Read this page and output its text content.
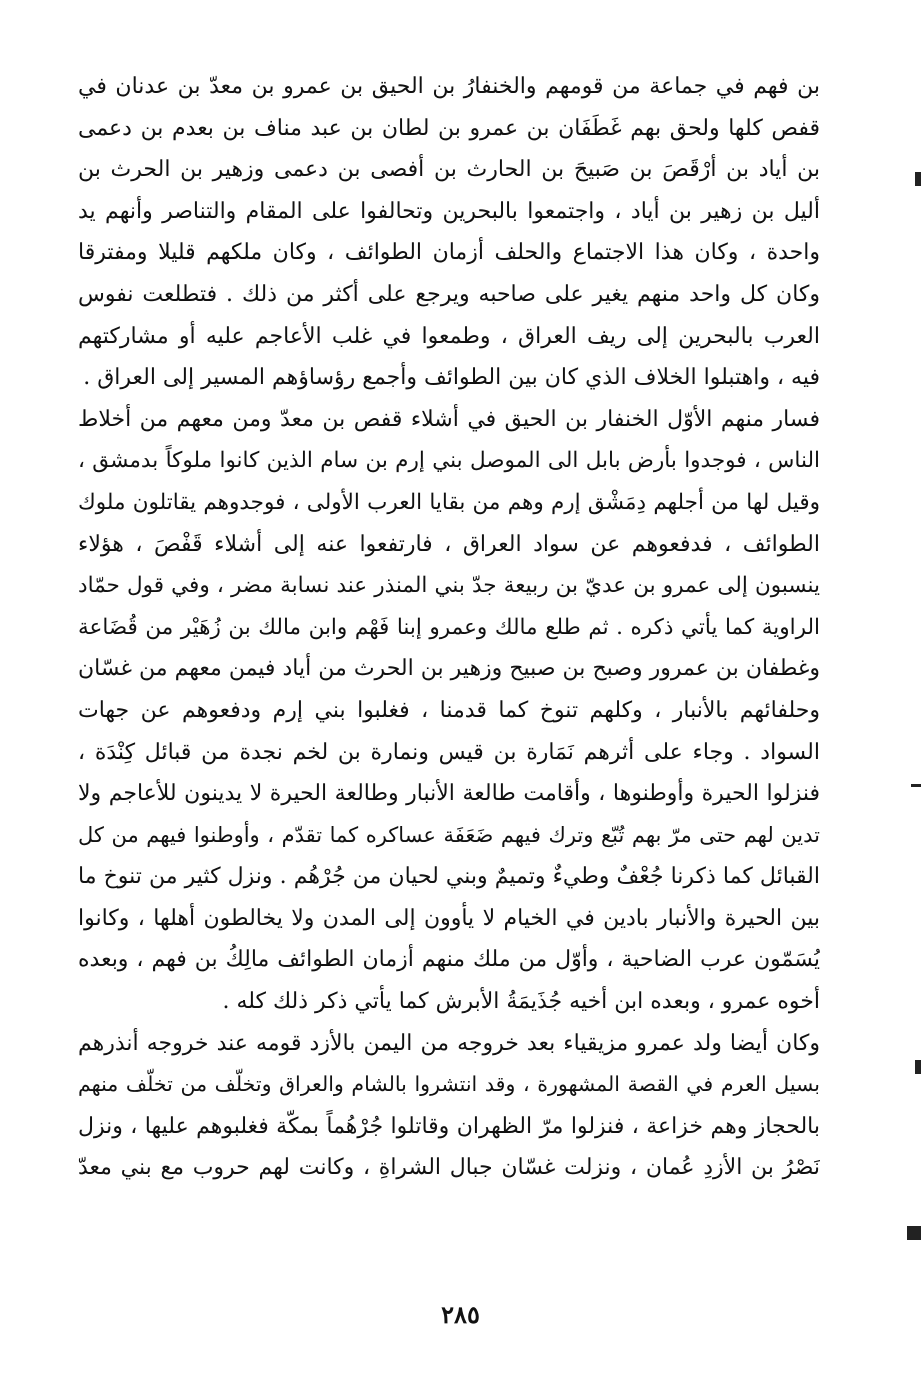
بن فهم في جماعة من قومهم والخنفارُ بن الحيق بن عمرو بن معدّ بن عدنان في
قفص كلها ولحق بهم غَطَفَان بن عمرو بن لطان بن عبد مناف بن بعدم بن دعمى
بن أياد بن أرْقَصَ بن صَبيحَ بن الحارث بن أفصى بن دعمى وزهير بن الحرث بن
أليل بن زهير بن أياد ، واجتمعوا بالبحرين وتحالفوا على المقام والتناصر وأنهم يد
واحدة ، وكان هذا الاجتماع والحلف أزمان الطوائف ، وكان ملكهم قليلا ومفترقا
وكان كل واحد منهم يغير على صاحبه ويرجع على أكثر من ذلك . فتطلعت نفوس
العرب بالبحرين إلى ريف العراق ، وطمعوا في غلب الأعاجم عليه أو مشاركتهم
فيه ، واهتبلوا الخلاف الذي كان بين الطوائف وأجمع رؤساؤهم المسير إلى العراق .
فسار منهم الأوّل الخنفار بن الحيق في أشلاء قفص بن معدّ ومن معهم من أخلاط
الناس ، فوجدوا بأرض بابل الى الموصل بني إرم بن سام الذين كانوا ملوكاً بدمشق ،
وقيل لها من أجلهم دِمَشْق إرم وهم من بقايا العرب الأولى ، فوجدوهم يقاتلون ملوك
الطوائف ، فدفعوهم عن سواد العراق ، فارتفعوا عنه إلى أشلاء قَفْصَ ، هؤلاء
ينسبون إلى عمرو بن عديّ بن ربيعة جدّ بني المنذر عند نسابة مضر ، وفي قول حمّاد
الراوية كما يأتي ذكره . ثم طلع مالك وعمرو إبنا فَهْم وابن مالك بن زُهَيْر من قُضَاعة
وغطفان بن عمرور وصبح بن صبيح وزهير بن الحرث من أياد فيمن معهم من غسّان
وحلفائهم بالأنبار ، وكلهم تنوخ كما قدمنا ، فغلبوا بني إرم ودفعوهم عن جهات
السواد . وجاء على أثرهم نَمَارة بن قيس ونمارة بن لخم نجدة من قبائل كِنْدَة ،
فنزلوا الحيرة وأوطنوها ، وأقامت طالعة الأنبار وطالعة الحيرة لا يدينون للأعاجم ولا
تدين لهم حتى مرّ بهم تُبّع وترك فيهم ضَعَفَة عساكره كما تقدّم ، وأوطنوا فيهم من كل
القبائل كما ذكرنا جُعْفٌ وطيءٌ وتميمٌ وبني لحيان من جُرْهُم . ونزل كثير من تنوخ ما
بين الحيرة والأنبار بادين في الخيام لا يأوون إلى المدن ولا يخالطون أهلها ، وكانوا
يُسَمّون عرب الضاحية ، وأوّل من ملك منهم أزمان الطوائف مالِكُ بن فهم ، وبعده
أخوه عمرو ، وبعده ابن أخيه جُذَيمَةُ الأبرش كما يأتي ذكر ذلك كله .
وكان أيضا ولد عمرو مزيقياء بعد خروجه من اليمن بالأزد قومه عند خروجه أنذرهم
بسيل العرم في القصة المشهورة ، وقد انتشروا بالشام والعراق وتخلّف من تخلّف منهم
بالحجاز وهم خزاعة ، فنزلوا مرّ الظهران وقاتلوا جُرْهُماً بمكّة فغلبوهم عليها ، ونزل
نَصْرُ بن الأزدِ عُمان ، ونزلت غسّان جبال الشراةِ ، وكانت لهم حروب مع بني معدّ
٢٨٥
